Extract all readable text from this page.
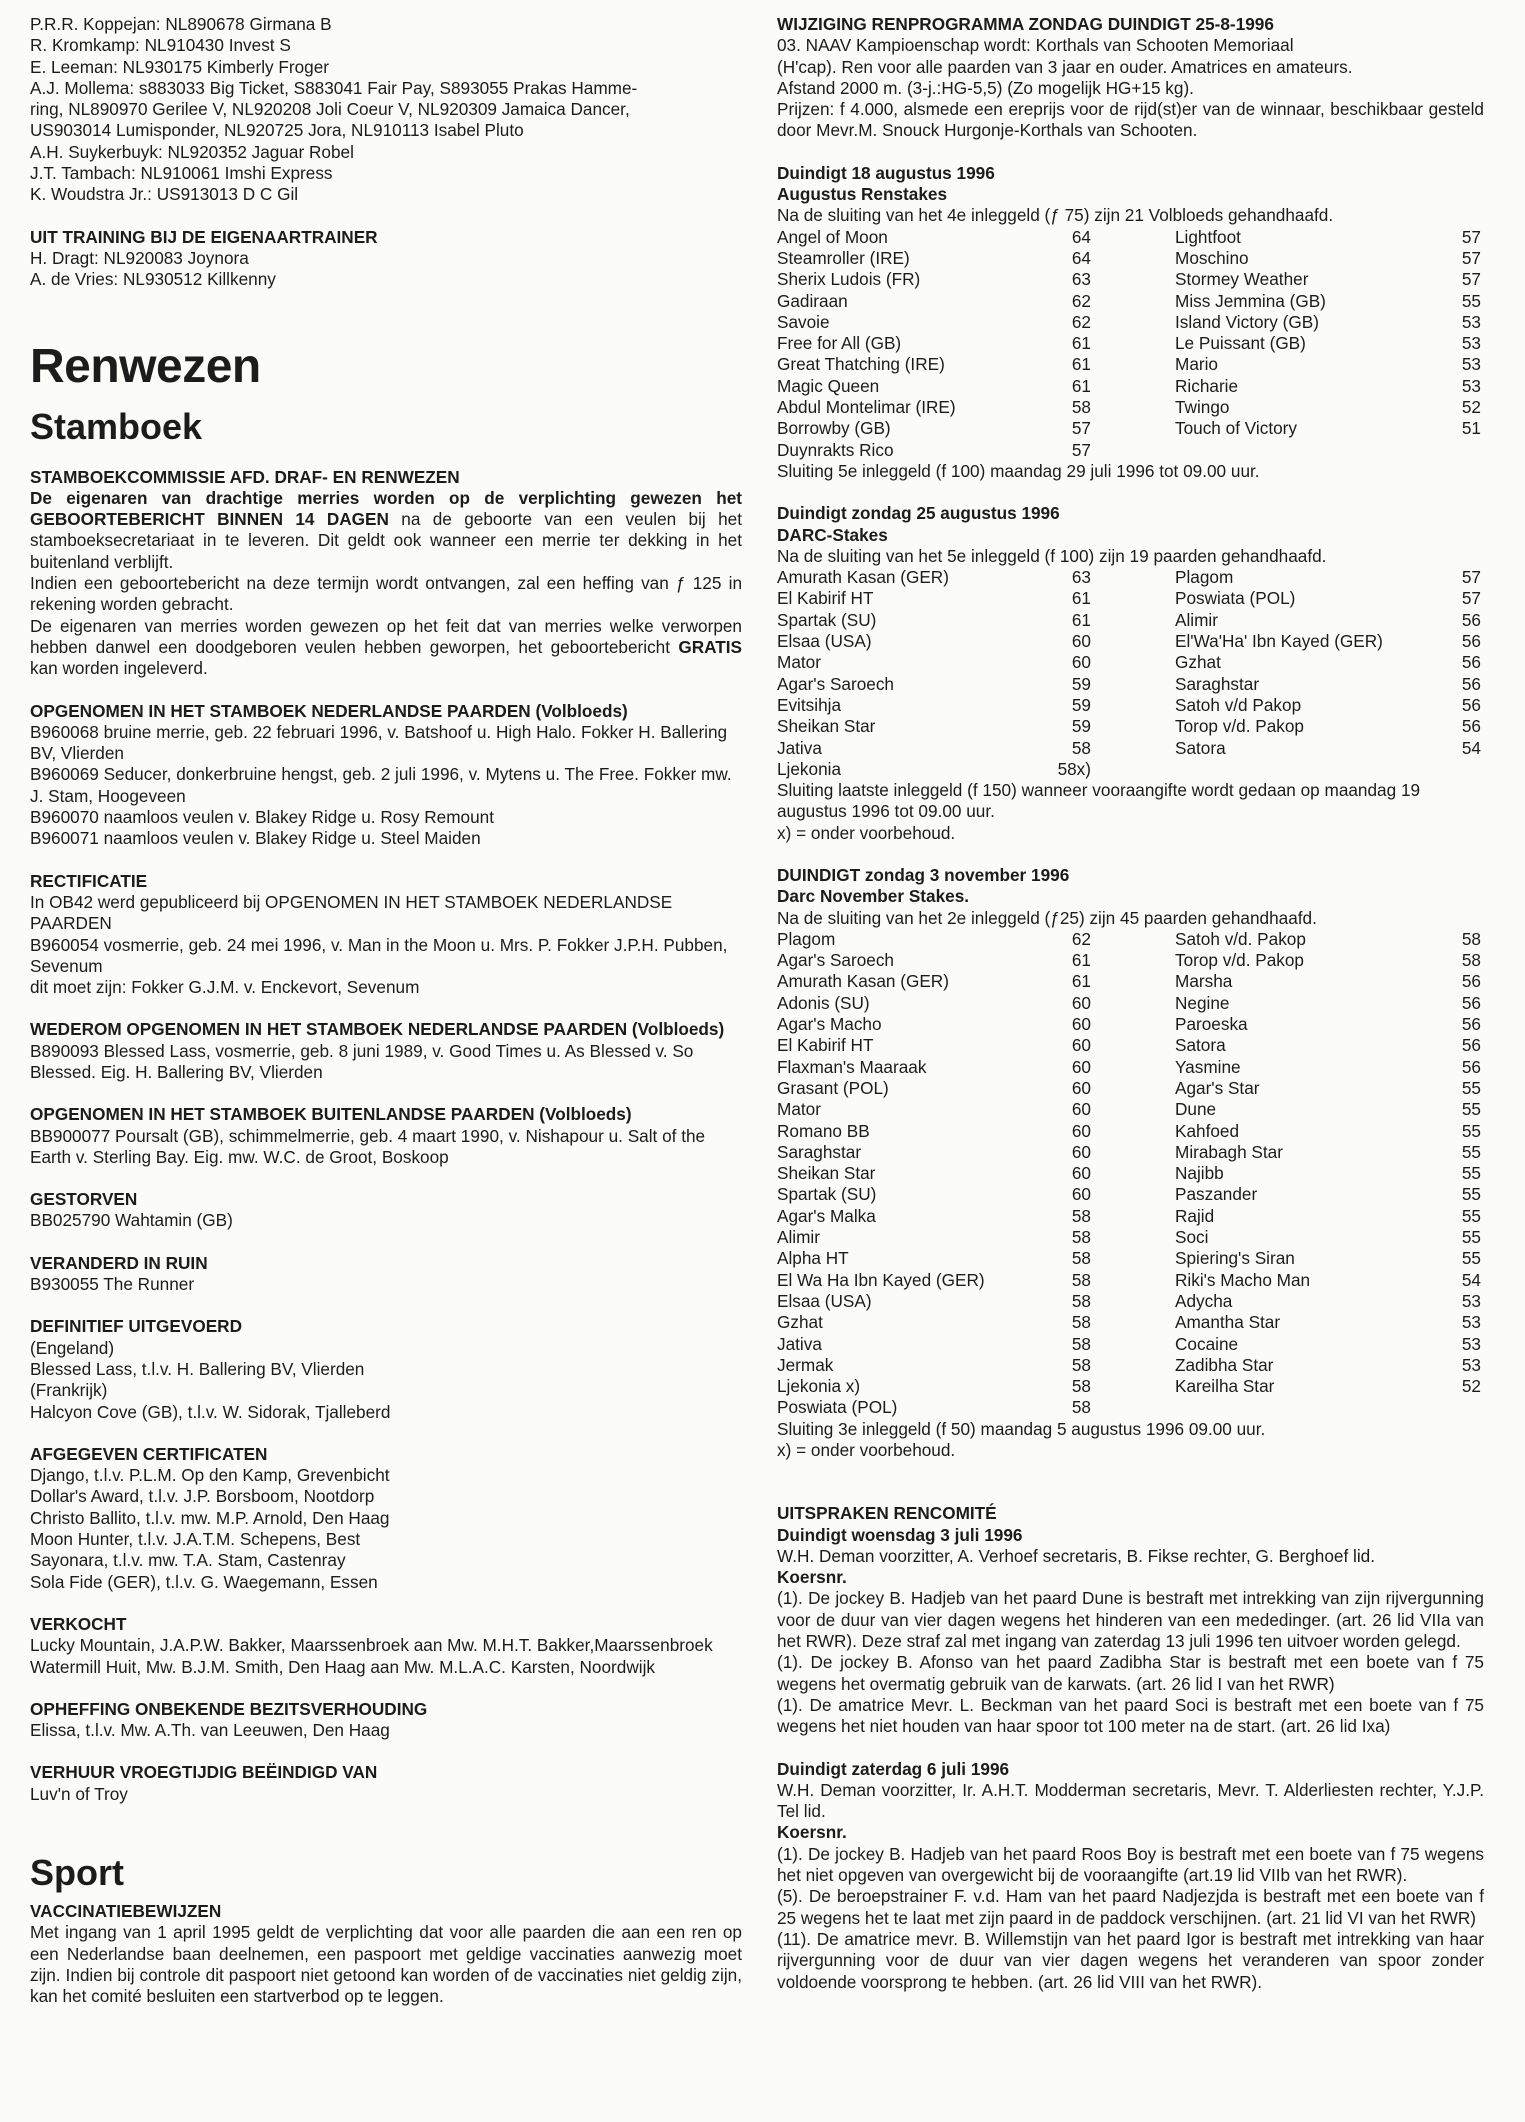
P.R.R. Koppejan: NL890678 Girmana B

R. Kromkamp: NL910430 Invest S

E. Leeman: NL930175 Kimberly Froger

A.J. Mollema: s883033 Big Ticket, S883041 Fair Pay, S893055 Prakas Hamme-

ring, NL890970 Gerilee V, NL920208 Joli Coeur V, NL920309 Jamaica Dancer,

US903014 Lumisponder, NL920725 Jora, NL910113 Isabel Pluto

A.H. Suykerbuyk: NL920352 Jaguar Robel

J.T. Tambach: NL910061 Imshi Express

K. Woudstra Jr.: US913013 D C Gil

UIT TRAINING BIJ DE EIGENAARTRAINER

H. Dragt: NL920083 Joynora

A. de Vries: NL930512 Killkenny

Renwezen
Stamboek

STAMBOEKCOMMISSIE AFD. DRAF- EN RENWEZEN

De eigenaren van drachtige merries worden op de verplichting gewezen het GEBOORTEBERICHT BINNEN 14 DAGEN na de geboorte van een veulen bij het stamboeksecretariaat in te leveren. Dit geldt ook wanneer een merrie ter dekking in het buitenland verblijft.

Indien een geboortebericht na deze termijn wordt ontvangen, zal een heffing van ƒ 125 in rekening worden gebracht.

De eigenaren van merries worden gewezen op het feit dat van merries welke verworpen hebben danwel een doodgeboren veulen hebben geworpen, het geboortebericht GRATIS kan worden ingeleverd.

OPGENOMEN IN HET STAMBOEK NEDERLANDSE PAARDEN (Volbloeds)

B960068 bruine merrie, geb. 22 februari 1996, v. Batshoof u. High Halo. Fokker H. Ballering BV, Vlierden

B960069 Seducer, donkerbruine hengst, geb. 2 juli 1996, v. Mytens u. The Free. Fokker mw. J. Stam, Hoogeveen

B960070 naamloos veulen v. Blakey Ridge u. Rosy Remount

B960071 naamloos veulen v. Blakey Ridge u. Steel Maiden

RECTIFICATIE

In OB42 werd gepubliceerd bij OPGENOMEN IN HET STAMBOEK NEDERLANDSE PAARDEN

B960054 vosmerrie, geb. 24 mei 1996, v. Man in the Moon u. Mrs. P. Fokker J.P.H. Pubben, Sevenum

dit moet zijn: Fokker G.J.M. v. Enckevort, Sevenum

WEDEROM OPGENOMEN IN HET STAMBOEK NEDERLANDSE PAARDEN (Volbloeds)

B890093 Blessed Lass, vosmerrie, geb. 8 juni 1989, v. Good Times u. As Blessed v. So Blessed. Eig. H. Ballering BV, Vlierden

OPGENOMEN IN HET STAMBOEK BUITENLANDSE PAARDEN (Volbloeds)

BB900077 Poursalt (GB), schimmelmerrie, geb. 4 maart 1990, v. Nishapour u. Salt of the Earth v. Sterling Bay. Eig. mw. W.C. de Groot, Boskoop

GESTORVEN

BB025790 Wahtamin (GB)

VERANDERD IN RUIN

B930055 The Runner

DEFINITIEF UITGEVOERD

(Engeland)

Blessed Lass, t.l.v. H. Ballering BV, Vlierden

(Frankrijk)

Halcyon Cove (GB), t.l.v. W. Sidorak, Tjalleberd

AFGEGEVEN CERTIFICATEN

Django, t.l.v. P.L.M. Op den Kamp, Grevenbicht

Dollar's Award, t.l.v. J.P. Borsboom, Nootdorp

Christo Ballito, t.l.v. mw. M.P. Arnold, Den Haag

Moon Hunter, t.l.v. J.A.T.M. Schepens, Best

Sayonara, t.l.v. mw. T.A. Stam, Castenray

Sola Fide (GER), t.l.v. G. Waegemann, Essen

VERKOCHT

Lucky Mountain, J.A.P.W. Bakker, Maarssenbroek aan Mw. M.H.T. Bakker,Maarssenbroek

Watermill Huit, Mw. B.J.M. Smith, Den Haag aan Mw. M.L.A.C. Karsten, Noordwijk

OPHEFFING ONBEKENDE BEZITSVERHOUDING

Elissa, t.l.v. Mw. A.Th. van Leeuwen, Den Haag

VERHUUR VROEGTIJDIG BEËINDIGD VAN

Luv'n of Troy

Sport

VACCINATIEBEWIJZEN

Met ingang van 1 april 1995 geldt de verplichting dat voor alle paarden die aan een ren op een Nederlandse baan deelnemen, een paspoort met geldige vaccinaties aanwezig moet zijn. Indien bij controle dit paspoort niet getoond kan worden of de vaccinaties niet geldig zijn, kan het comité besluiten een startverbod op te leggen.

WIJZIGING RENPROGRAMMA ZONDAG DUINDIGT 25-8-1996

03. NAAV Kampioenschap wordt: Korthals van Schooten Memoriaal

(H'cap). Ren voor alle paarden van 3 jaar en ouder. Amatrices en amateurs.

Afstand 2000 m. (3-j.:HG-5,5) (Zo mogelijk HG+15 kg).

Prijzen: f 4.000, alsmede een ereprijs voor de rijd(st)er van de winnaar, beschikbaar gesteld door Mevr.M. Snouck Hurgonje-Korthals van Schooten.

Duindigt 18 augustus 1996

Augustus Renstakes

Na de sluiting van het 4e inleggeld (ƒ 75) zijn 21 Volbloeds gehandhaafd.

Angel of Moon	64	Lightfoot	57
Steamroller (IRE)	64	Moschino	57
Sherix Ludois (FR)	63	Stormey Weather	57
Gadiraan	62	Miss Jemmina (GB)	55
Savoie	62	Island Victory (GB)	53
Free for All (GB)	61	Le Puissant (GB)	53
Great Thatching (IRE)	61	Mario	53
Magic Queen	61	Richarie	53
Abdul Montelimar (IRE)	58	Twingo	52
Borrowby (GB)	57	Touch of Victory	51
Duynrakts Rico	57

Sluiting 5e inleggeld (f 100) maandag 29 juli 1996 tot 09.00 uur.

Duindigt zondag 25 augustus 1996

DARC-Stakes

Na de sluiting van het 5e inleggeld (f 100) zijn 19 paarden gehandhaafd.

Amurath Kasan (GER)	63	Plagom	57
El Kabirif HT	61	Poswiata (POL)	57
Spartak (SU)	61	Alimir	56
Elsaa (USA)	60	El'Wa'Ha' Ibn Kayed (GER)	56
Mator	60	Gzhat	56
Agar's Saroech	59	Saraghstar	56
Evitsihja	59	Satoh v/d Pakop	56
Sheikan Star	59	Torop v/d. Pakop	56
Jativa	58	Satora	54
Ljekonia	58x)

Sluiting laatste inleggeld (f 150) wanneer vooraangifte wordt gedaan op maandag 19 augustus 1996 tot 09.00 uur.

x) = onder voorbehoud.

DUINDIGT zondag 3 november 1996

Darc November Stakes.

Na de sluiting van het 2e inleggeld (ƒ25) zijn 45 paarden gehandhaafd.

Plagom	62	Satoh v/d. Pakop	58
Agar's Saroech	61	Torop v/d. Pakop	58
Amurath Kasan (GER)	61	Marsha	56
Adonis (SU)	60	Negine	56
Agar's Macho	60	Paroeska	56
El Kabirif HT	60	Satora	56
Flaxman's Maaraak	60	Yasmine	56
Grasant (POL)	60	Agar's Star	55
Mator	60	Dune	55
Romano BB	60	Kahfoed	55
Saraghstar	60	Mirabagh Star	55
Sheikan Star	60	Najibb	55
Spartak (SU)	60	Paszander	55
Agar's Malka	58	Rajid	55
Alimir	58	Soci	55
Alpha HT	58	Spiering's Siran	55
El Wa Ha Ibn Kayed (GER)	58	Riki's Macho Man	54
Elsaa (USA)	58	Adycha	53
Gzhat	58	Amantha Star	53
Jativa	58	Cocaine	53
Jermak	58	Zadibha Star	53
Ljekonia x)	58	Kareilha Star	52
Poswiata (POL)	58

Sluiting 3e inleggeld (f 50) maandag 5 augustus 1996 09.00 uur.

x) = onder voorbehoud.

UITSPRAKEN RENCOMITÉ

Duindigt woensdag 3 juli 1996

W.H. Deman voorzitter, A. Verhoef secretaris, B. Fikse rechter, G. Berghoef lid.

Koersnr.

(1). De jockey B. Hadjeb van het paard Dune is bestraft met intrekking van zijn rijvergunning voor de duur van vier dagen wegens het hinderen van een mededinger. (art. 26 lid VIIa van het RWR). Deze straf zal met ingang van zaterdag 13 juli 1996 ten uitvoer worden gelegd.

(1). De jockey B. Afonso van het paard Zadibha Star is bestraft met een boete van f 75 wegens het overmatig gebruik van de karwats. (art. 26 lid I van het RWR)

(1). De amatrice Mevr. L. Beckman van het paard Soci is bestraft met een boete van f 75 wegens het niet houden van haar spoor tot 100 meter na de start. (art. 26 lid Ixa)

Duindigt zaterdag 6 juli 1996

W.H. Deman voorzitter, Ir. A.H.T. Modderman secretaris, Mevr. T. Alderliesten rechter, Y.J.P. Tel lid.

Koersnr.

(1). De jockey B. Hadjeb van het paard Roos Boy is bestraft met een boete van f 75 wegens het niet opgeven van overgewicht bij de vooraangifte (art.19 lid VIIb van het RWR).

(5). De beroepstrainer F. v.d. Ham van het paard Nadjezjda is bestraft met een boete van f 25 wegens het te laat met zijn paard in de paddock verschijnen. (art. 21 lid VI van het RWR)

(11). De amatrice mevr. B. Willemstijn van het paard Igor is bestraft met intrekking van haar rijvergunning voor de duur van vier dagen wegens het veranderen van spoor zonder voldoende voorsprong te hebben. (art. 26 lid VIII van het RWR).
